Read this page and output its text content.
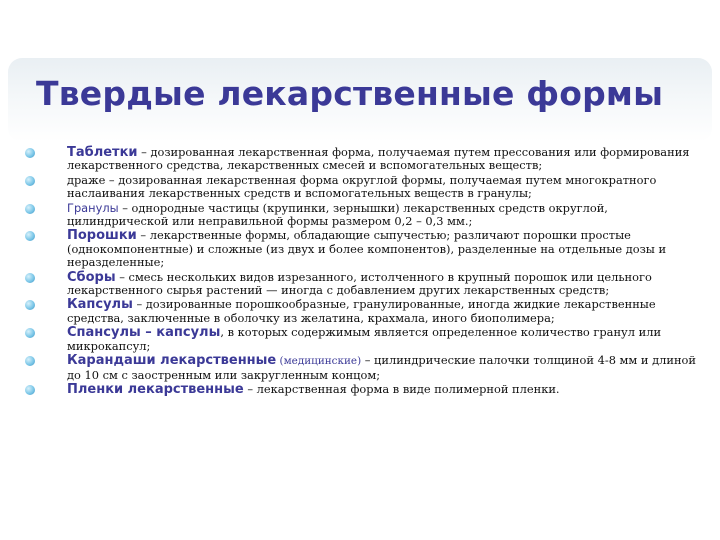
Твердые лекарственные формы
Таблетки – дозированная лекарственная форма, получаемая путем прессования или формирования лекарственного средства, лекарственных смесей и вспомогательных веществ;
драже – дозированная лекарственная форма округлой формы, получаемая путем многократного наслаивания лекарственных средств и вспомогательных веществ в гранулы;
Гранулы – однородные частицы (крупинки, зернышки) лекарственных средств округлой, цилиндрической или неправильной формы размером 0,2 – 0,3 мм.;
Порошки – лекарственные формы, обладающие сыпучестью; различают порошки простые (однокомпонентные) и сложные (из двух и более компонентов), разделенные на отдельные дозы и неразделенные;
Сборы – смесь нескольких видов изрезанного, истолченного в крупный порошок или цельного лекарственного сырья растений — иногда с добавлением других лекарственных средств;
Капсулы – дозированные порошкообразные, гранулированные, иногда жидкие лекарственные средства, заключенные в оболочку из желатина, крахмала, иного биополимера;
Спансулы – капсулы, в которых содержимым является определенное количество гранул или микрокапсул;
Карандаши лекарственные (медицинские) – цилиндрические палочки толщиной 4-8 мм и длиной до 10 см с заостренным или закругленным концом;
Пленки лекарственные – лекарственная форма в виде полимерной пленки.
